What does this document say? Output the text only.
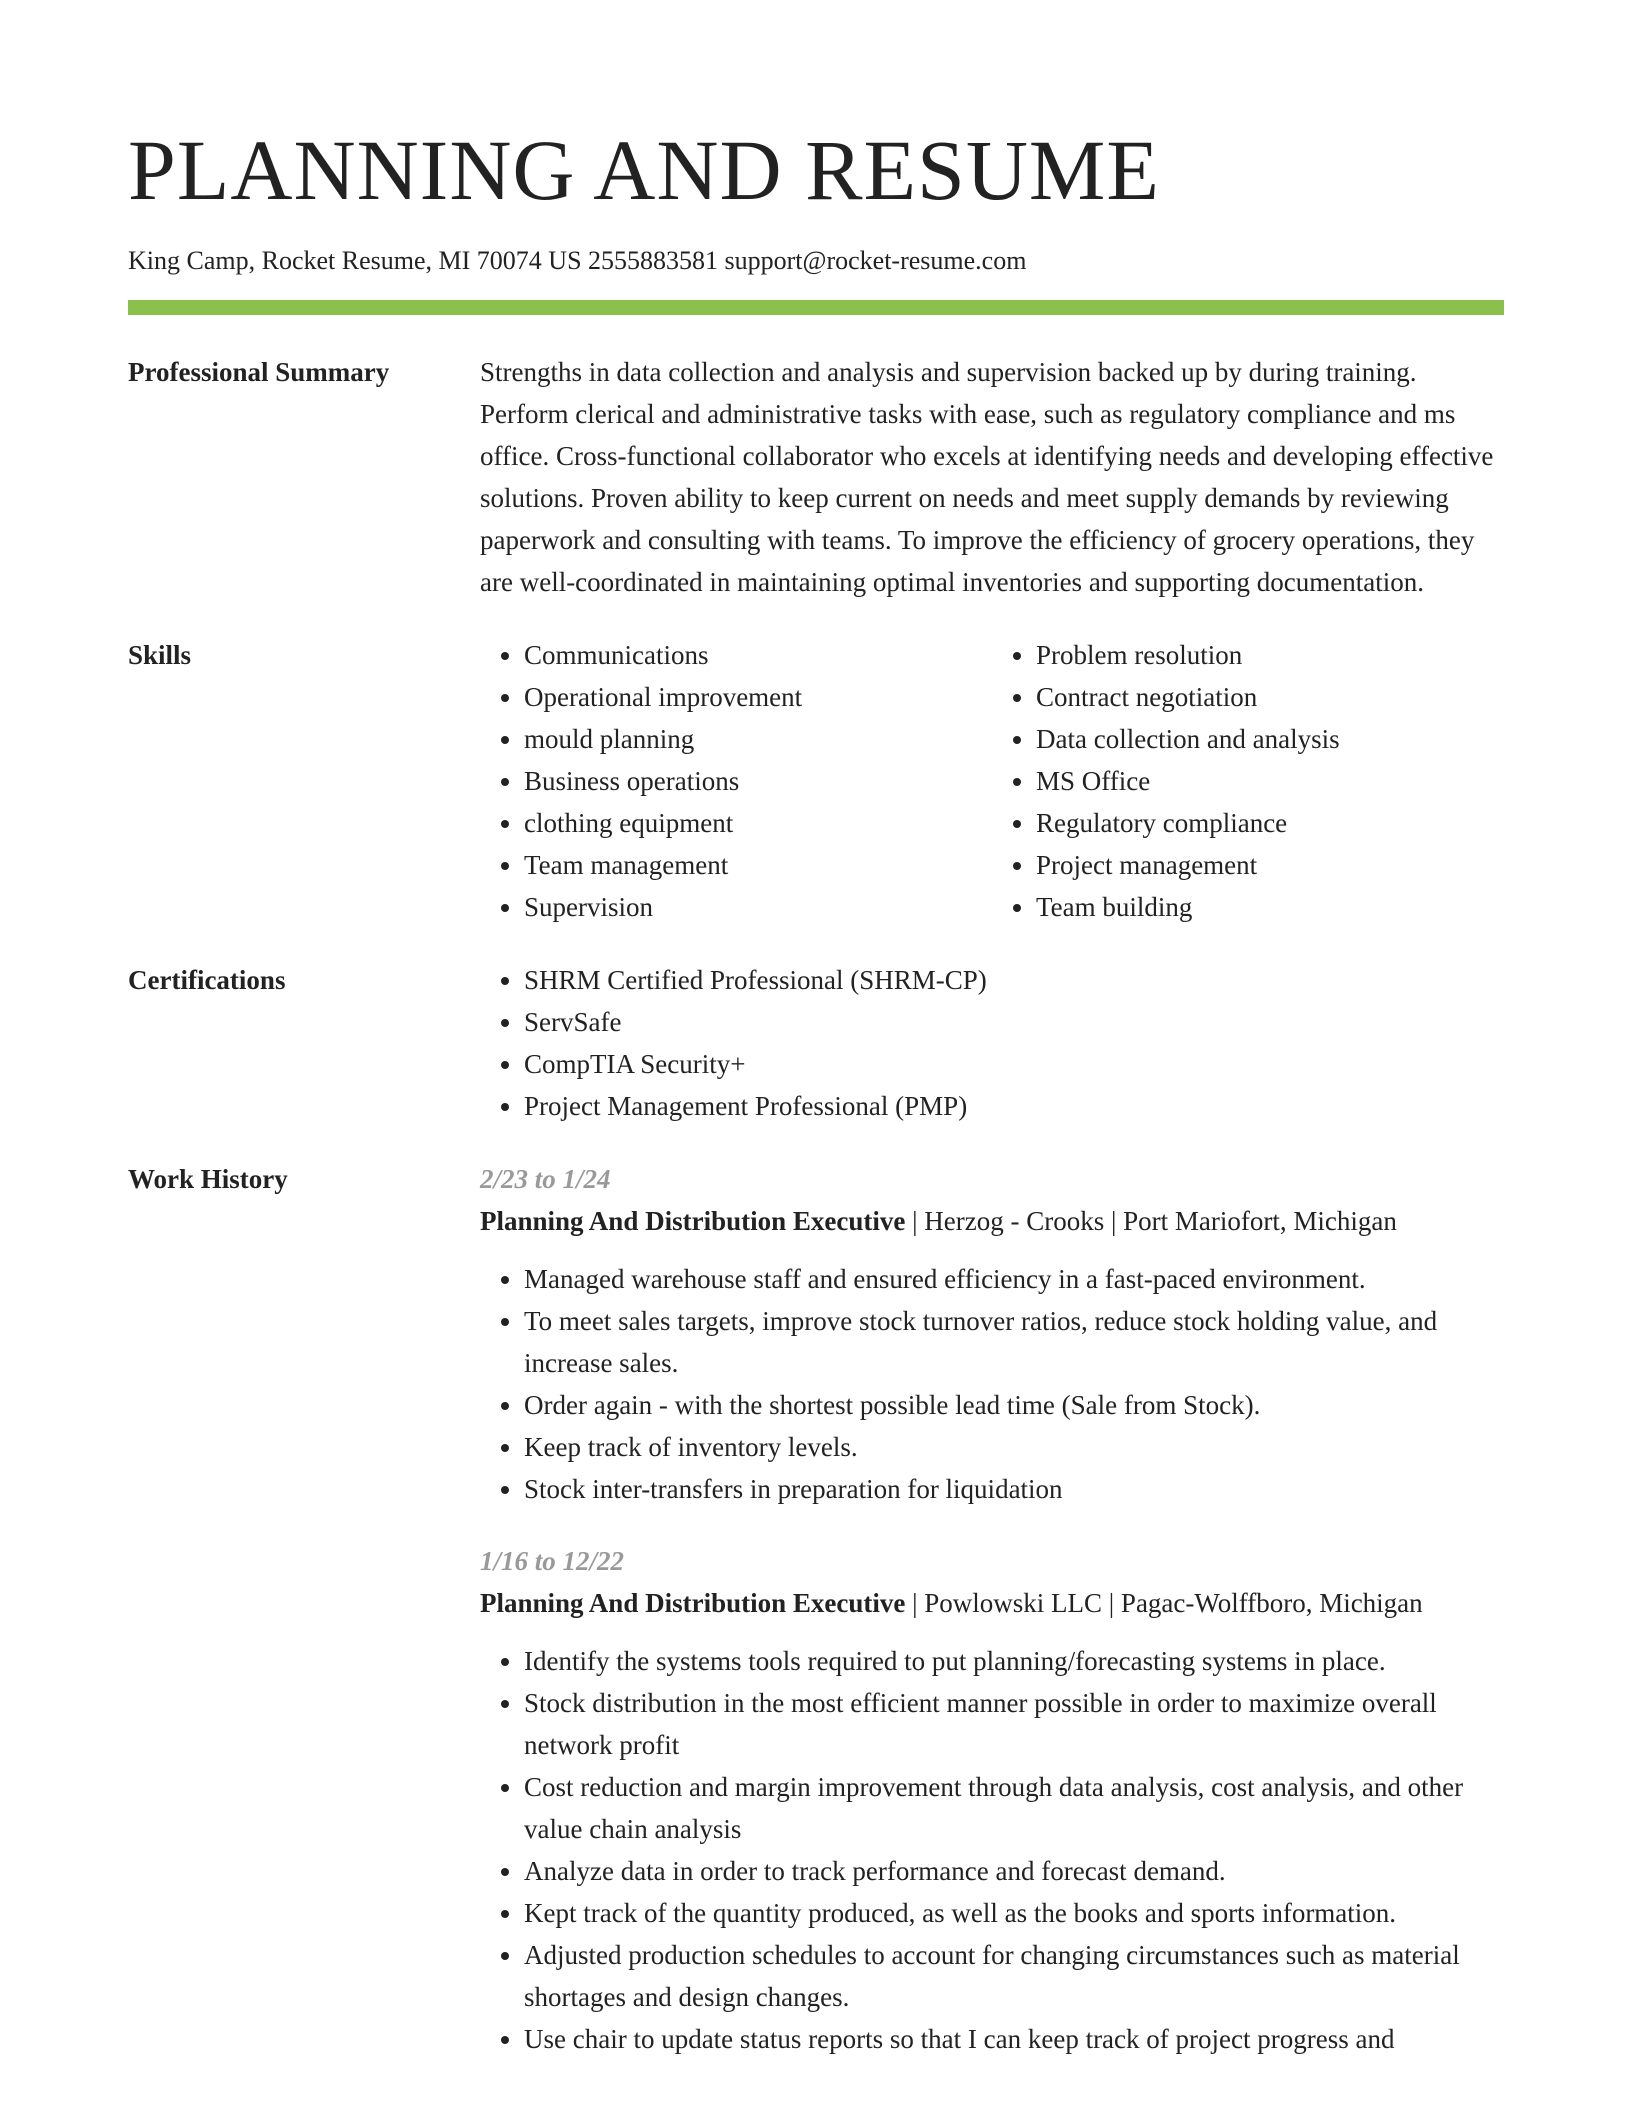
PLANNING AND RESUME
King Camp, Rocket Resume, MI 70074 US 2555883581 support@rocket-resume.com
Professional Summary	Strengths in data collection and analysis and supervision backed up by during training. Perform clerical and administrative tasks with ease, such as regulatory compliance and ms office. Cross-functional collaborator who excels at identifying needs and developing effective solutions. Proven ability to keep current on needs and meet supply demands by reviewing paperwork and consulting with teams. To improve the efficiency of grocery operations, they are well-coordinated in maintaining optimal inventories and supporting documentation.

Skills	• Communications
• Operational improvement
• mould planning
• Business operations
• clothing equipment
• Team management
• Supervision
• Problem resolution
• Contract negotiation
• Data collection and analysis
• MS Office
• Regulatory compliance
• Project management
• Team building
Certifications	• SHRM Certified Professional (SHRM-CP)
• ServSafe
• CompTIA Security+
• Project Management Professional (PMP)
Work History	2/23 to 1/24
Planning And Distribution Executive | Herzog - Crooks | Port Mariofort, Michigan
• Managed warehouse staff and ensured efficiency in a fast-paced environment.
• To meet sales targets, improve stock turnover ratios, reduce stock holding value, and increase sales.
• Order again - with the shortest possible lead time (Sale from Stock).
• Keep track of inventory levels.
• Stock inter-transfers in preparation for liquidation
1/16 to 12/22
Planning And Distribution Executive | Powlowski LLC | Pagac-Wolffboro, Michigan
• Identify the systems tools required to put planning/forecasting systems in place.
• Stock distribution in the most efficient manner possible in order to maximize overall network profit
• Cost reduction and margin improvement through data analysis, cost analysis, and other value chain analysis
• Analyze data in order to track performance and forecast demand.
• Kept track of the quantity produced, as well as the books and sports information.
• Adjusted production schedules to account for changing circumstances such as material shortages and design changes.
• Use chair to update status reports so that I can keep track of project progress and
